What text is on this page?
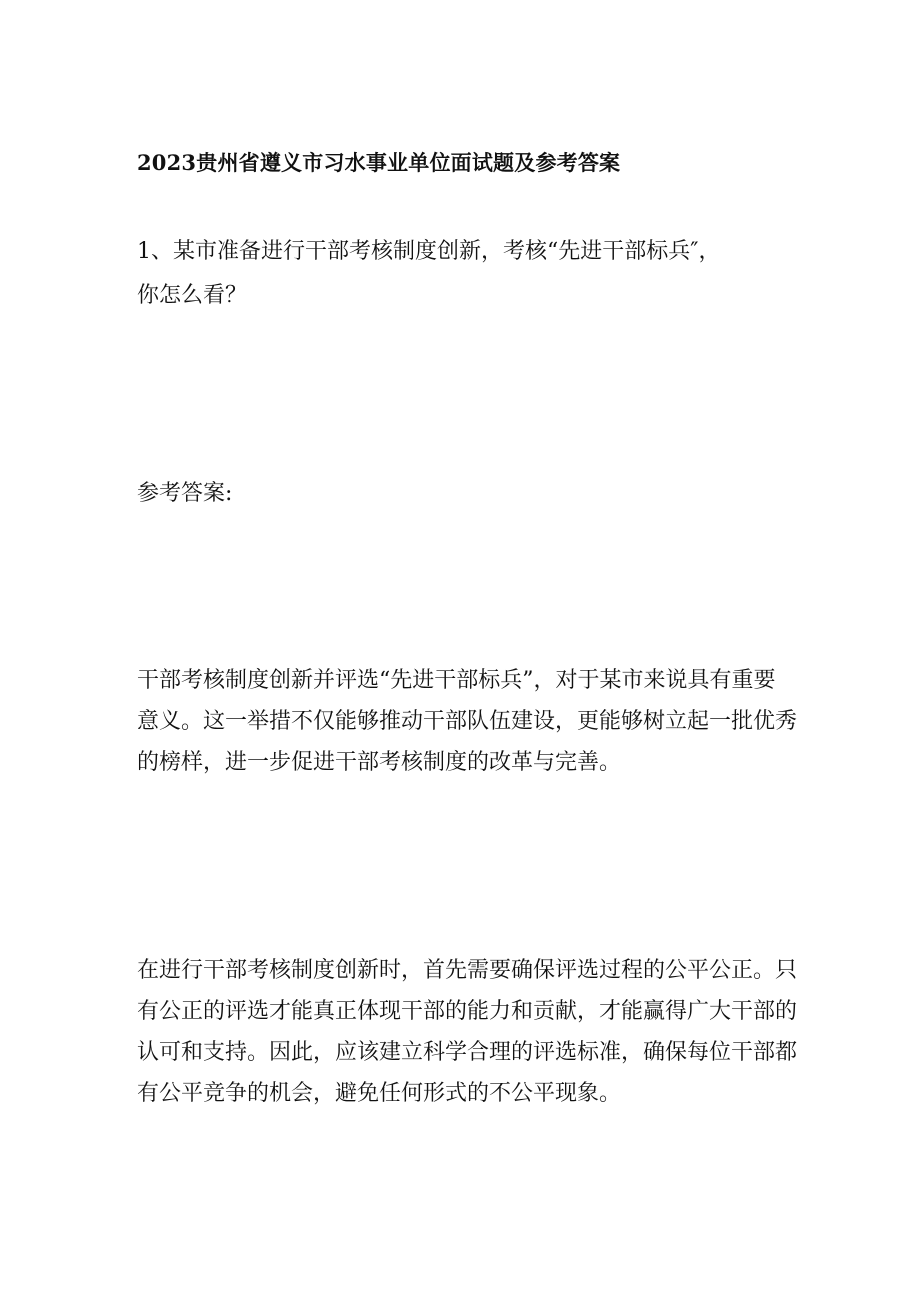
2023贵州省遵义市习水事业单位面试题及参考答案
1、某市准备进行干部考核制度创新，考核“先进干部标兵″，
你怎么看？
参考答案:
干部考核制度创新并评选“先进干部标兵”，对于某市来说具有重要
意义。这一举措不仅能够推动干部队伍建设，更能够树立起一批优秀
的榜样，进一步促进干部考核制度的改革与完善。
在进行干部考核制度创新时，首先需要确保评选过程的公平公正。只
有公正的评选才能真正体现干部的能力和贡献，才能赢得广大干部的
认可和支持。因此，应该建立科学合理的评选标准，确保每位干部都
有公平竞争的机会，避免任何形式的不公平现象。
